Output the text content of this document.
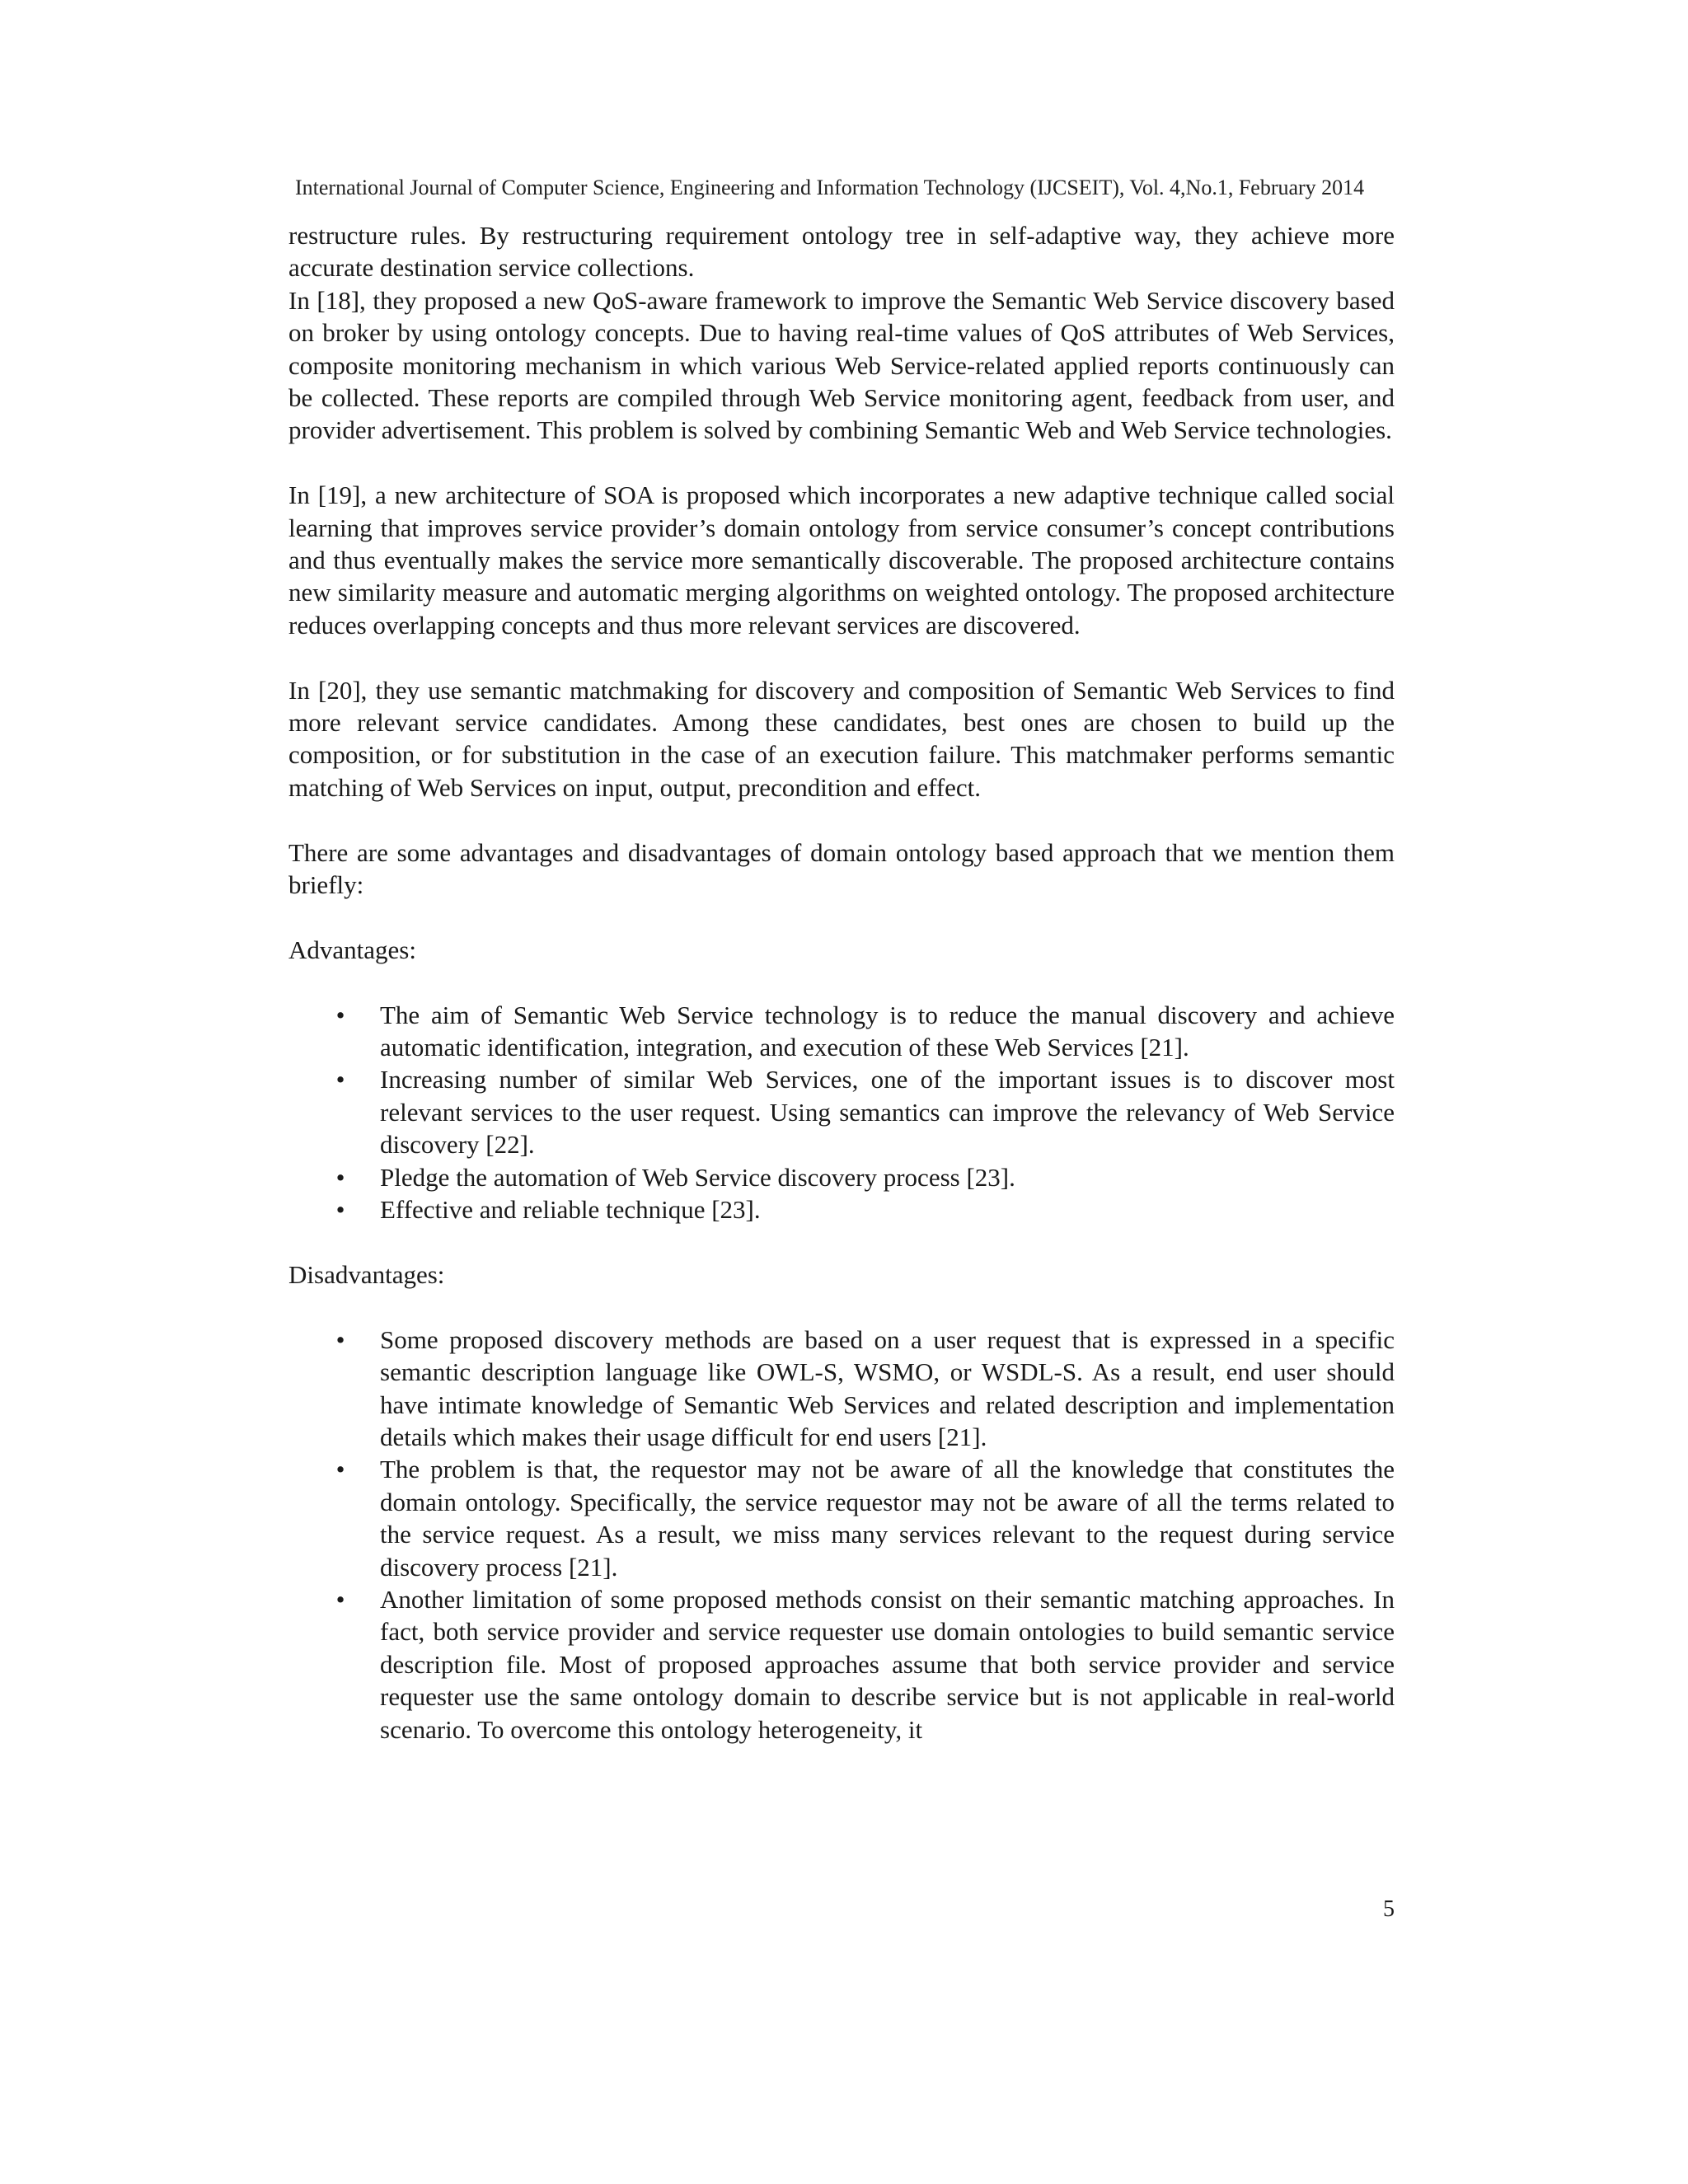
International Journal of Computer Science, Engineering and Information Technology (IJCSEIT), Vol. 4,No.1, February 2014

restructure rules. By restructuring requirement ontology tree in self-adaptive way, they achieve more accurate destination service collections.

In [18], they proposed a new QoS-aware framework to improve the Semantic Web Service discovery based on broker by using ontology concepts. Due to having real-time values of QoS attributes of Web Services, composite monitoring mechanism in which various Web Service-related applied reports continuously can be collected. These reports are compiled through Web Service monitoring agent, feedback from user, and provider advertisement. This problem is solved by combining Semantic Web and Web Service technologies.

In [19], a new architecture of SOA is proposed which incorporates a new adaptive technique called social learning that improves service provider’s domain ontology from service consumer’s concept contributions and thus eventually makes the service more semantically discoverable. The proposed architecture contains new similarity measure and automatic merging algorithms on weighted ontology. The proposed architecture reduces overlapping concepts and thus more relevant services are discovered.

In [20], they use semantic matchmaking for discovery and composition of Semantic Web Services to find more relevant service candidates. Among these candidates, best ones are chosen to build up the composition, or for substitution in the case of an execution failure. This matchmaker performs semantic matching of Web Services on input, output, precondition and effect.

There are some advantages and disadvantages of domain ontology based approach that we mention them briefly:

Advantages:

• The aim of Semantic Web Service technology is to reduce the manual discovery and achieve automatic identification, integration, and execution of these Web Services [21].
• Increasing number of similar Web Services, one of the important issues is to discover most relevant services to the user request. Using semantics can improve the relevancy of Web Service discovery [22].
• Pledge the automation of Web Service discovery process [23].
• Effective and reliable technique [23].

Disadvantages:

• Some proposed discovery methods are based on a user request that is expressed in a specific semantic description language like OWL-S, WSMO, or WSDL-S. As a result, end user should have intimate knowledge of Semantic Web Services and related description and implementation details which makes their usage difficult for end users [21].
• The problem is that, the requestor may not be aware of all the knowledge that constitutes the domain ontology. Specifically, the service requestor may not be aware of all the terms related to the service request. As a result, we miss many services relevant to the request during service discovery process [21].
• Another limitation of some proposed methods consist on their semantic matching approaches. In fact, both service provider and service requester use domain ontologies to build semantic service description file. Most of proposed approaches assume that both service provider and service requester use the same ontology domain to describe service but is not applicable in real-world scenario. To overcome this ontology heterogeneity, it
5
